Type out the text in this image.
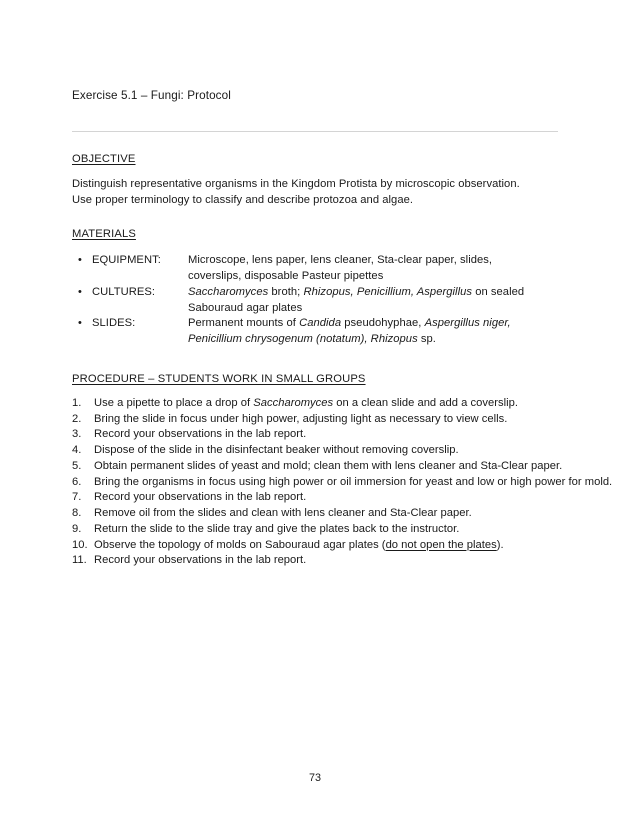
Exercise 5.1 – Fungi: Protocol
OBJECTIVE
Distinguish representative organisms in the Kingdom Protista by microscopic observation.
Use proper terminology to classify and describe protozoa and algae.
MATERIALS
• EQUIPMENT:	Microscope, lens paper, lens cleaner, Sta-clear paper, slides,
coverslips, disposable Pasteur pipettes
• CULTURES:	Saccharomyces broth; Rhizopus, Penicillium, Aspergillus on sealed
Sabouraud agar plates
• SLIDES:	Permanent mounts of Candida pseudohyphae, Aspergillus niger,
Penicillium chrysogenum (notatum), Rhizopus sp.
PROCEDURE – STUDENTS WORK IN SMALL GROUPS
1.	Use a pipette to place a drop of Saccharomyces on a clean slide and add a coverslip.
2.	Bring the slide in focus under high power, adjusting light as necessary to view cells.
3.	Record your observations in the lab report.
4.	Dispose of the slide in the disinfectant beaker without removing coverslip.
5.	Obtain permanent slides of yeast and mold; clean them with lens cleaner and Sta-Clear paper.
6.	Bring the organisms in focus using high power or oil immersion for yeast and low or high power for mold.
7.	Record your observations in the lab report.
8.	Remove oil from the slides and clean with lens cleaner and Sta-Clear paper.
9.	Return the slide to the slide tray and give the plates back to the instructor.
10. Observe the topology of molds on Sabouraud agar plates (do not open the plates).
11. Record your observations in the lab report.
73
